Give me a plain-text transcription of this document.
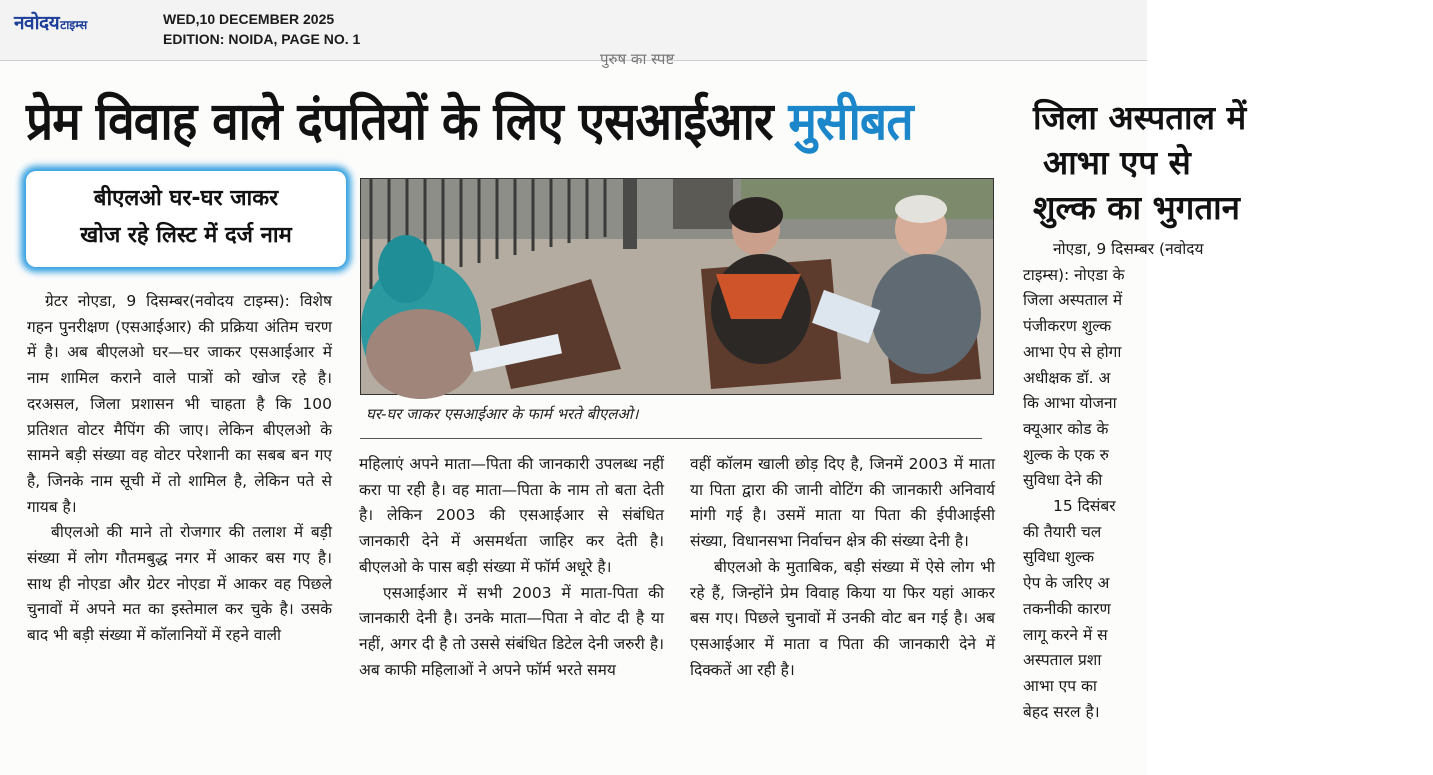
नवोदयटाइम्स	WED,10 DECEMBER 2025
EDITION: NOIDA, PAGE NO. 1
पुरुष का स्पष्ट
प्रेम विवाह वाले दंपतियों के लिए एसआईआर मुसीबत	जिला अस्पताल में
आभा एप से
शुल्क का भुगतान
बीएलओ घर-घर जाकर
खोज रहे लिस्ट में दर्ज नाम
घर-घर जाकर एसआईआर के फार्म भरते बीएलओ।

ग्रेटर नोएडा, 9 दिसम्बर(नवोदय टाइम्स): विशेष गहन पुनरीक्षण (एसआईआर) की प्रक्रिया अंतिम चरण में है। अब बीएलओ घर—घर जाकर एसआईआर में नाम शामिल कराने वाले पात्रों को खोज रहे है। दरअसल, जिला प्रशासन भी चाहता है कि 100 प्रतिशत वोटर मैपिंग की जाए। लेकिन बीएलओ के सामने बड़ी संख्या वह वोटर परेशानी का सबब बन गए है, जिनके नाम सूची में तो शामिल है, लेकिन पते से गायब है।

बीएलओ की माने तो रोजगार की तलाश में बड़ी संख्या में लोग गौतमबुद्ध नगर में आकर बस गए है। साथ ही नोएडा और ग्रेटर नोएडा में आकर वह पिछले चुनावों में अपने मत का इस्तेमाल कर चुके है। उसके बाद भी बड़ी संख्या में कॉलानियों में रहने वाली

महिलाएं अपने माता—पिता की जानकारी उपलब्ध नहीं करा पा रही है। वह माता—पिता के नाम तो बता देती है। लेकिन 2003 की एसआईआर से संबंधित जानकारी देने में असमर्थता जाहिर कर देती है। बीएलओ के पास बड़ी संख्या में फॉर्म अधूरे है।

एसआईआर में सभी 2003 में माता-पिता की जानकारी देनी है। उनके माता—पिता ने वोट दी है या नहीं, अगर दी है तो उससे संबंधित डिटेल देनी जरुरी है। अब काफी महिलाओं ने अपने फॉर्म भरते समय

वहीं कॉलम खाली छोड़ दिए है, जिनमें 2003 में माता या पिता द्वारा की जानी वोटिंग की जानकारी अनिवार्य मांगी गई है। उसमें माता या पिता की ईपीआईसी संख्या, विधानसभा निर्वाचन क्षेत्र की संख्या देनी है।

बीएलओ के मुताबिक, बड़ी संख्या में ऐसे लोग भी रहे हैं, जिन्होंने प्रेम विवाह किया या फिर यहां आकर बस गए। पिछले चुनावों में उनकी वोट बन गई है। अब एसआईआर में माता व पिता की जानकारी देने में दिक्कतें आ रही है।

नोएडा, 9 दिसम्बर (नवोदय

टाइम्स): नोएडा के

जिला अस्पताल में

पंजीकरण शुल्क

आभा ऐप से होगा

अधीक्षक डॉ. अ

कि आभा योजना

क्यूआर कोड के

शुल्क के एक रु

सुविधा देने की

15 दिसंबर

की तैयारी चल

सुविधा शुल्क

ऐप के जरिए अ

तकनीकी कारण

लागू करने में स

अस्पताल प्रशा

आभा एप का

बेहद सरल है।
